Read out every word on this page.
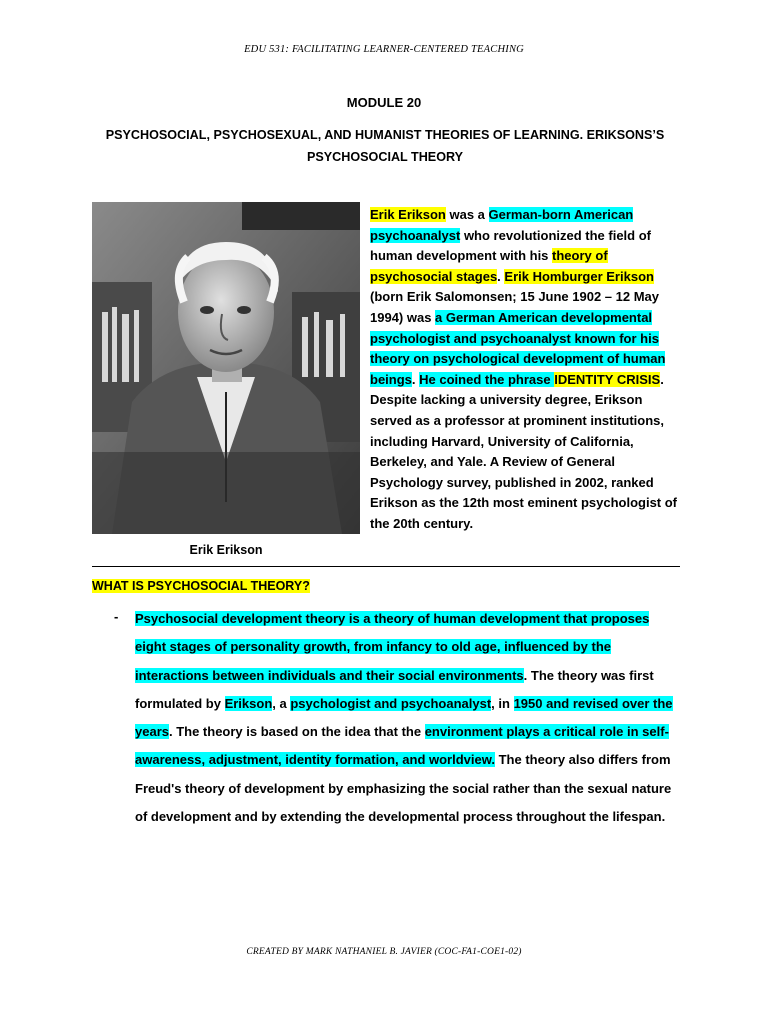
EDU 531: FACILITATING LEARNER-CENTERED TEACHING
MODULE 20
PSYCHOSOCIAL, PSYCHOSEXUAL, AND HUMANIST THEORIES OF LEARNING. ERIKSONS’S PSYCHOSOCIAL THEORY
Erik Erikson
Erik Erikson was a German-born American psychoanalyst who revolutionized the field of human development with his theory of psychosocial stages. Erik Homburger Erikson (born Erik Salomonsen; 15 June 1902 – 12 May 1994) was a German American developmental psychologist and psychoanalyst known for his theory on psychological development of human beings. He coined the phrase IDENTITY CRISIS. Despite lacking a university degree, Erikson served as a professor at prominent institutions, including Harvard, University of California, Berkeley, and Yale. A Review of General Psychology survey, published in 2002, ranked Erikson as the 12th most eminent psychologist of the 20th century.
WHAT IS PSYCHOSOCIAL THEORY?
- Psychosocial development theory is a theory of human development that proposes eight stages of personality growth, from infancy to old age, influenced by the interactions between individuals and their social environments. The theory was first formulated by Erikson, a psychologist and psychoanalyst, in 1950 and revised over the years. The theory is based on the idea that the environment plays a critical role in self-awareness, adjustment, identity formation, and worldview. The theory also differs from Freud's theory of development by emphasizing the social rather than the sexual nature of development and by extending the developmental process throughout the lifespan.
CREATED BY MARK NATHANIEL B. JAVIER (COC-FA1-COE1-02)
